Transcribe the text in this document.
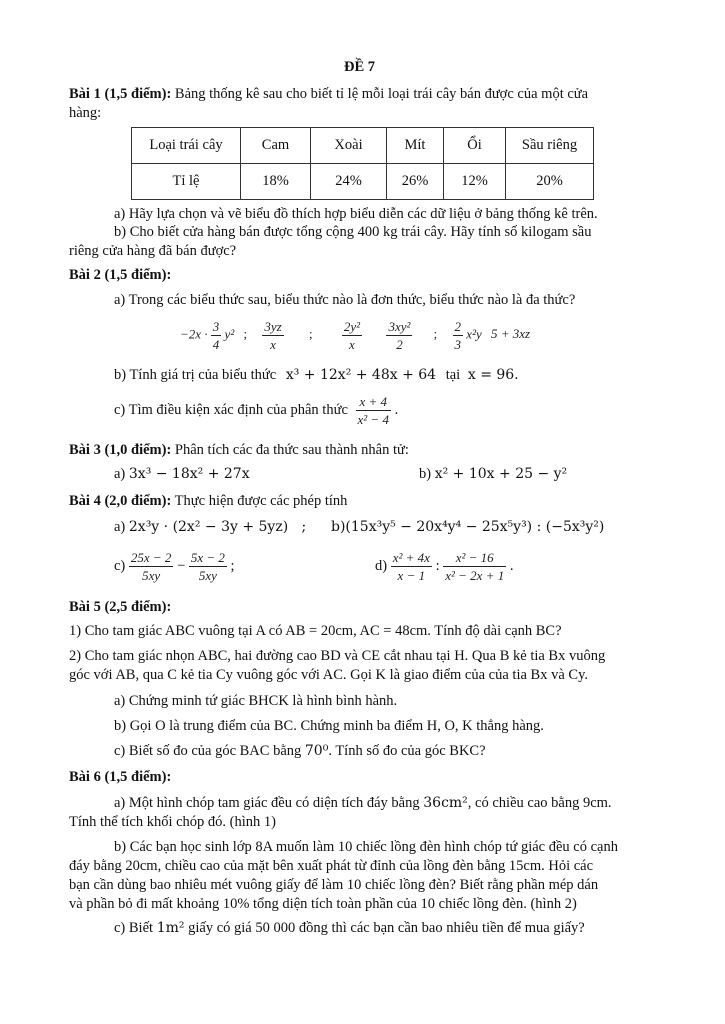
ĐỀ 7
Bài 1 (1,5 điểm): Bảng thống kê sau cho biết tỉ lệ mỗi loại trái cây bán được của một cửa
hàng:
Loại trái cây	Cam	Xoài	Mít	Ổi	Sầu riêng
Tỉ lệ	18%	24%	26%	12%	20%
a) Hãy lựa chọn và vẽ biểu đồ thích hợp biểu diễn các dữ liệu ở bảng thống kê trên.
b) Cho biết cửa hàng bán được tổng cộng 400 kg trái cây. Hãy tính số kilogam sầu
riêng cửa hàng đã bán được?
Bài 2 (1,5 điểm):
a) Trong các biểu thức sau, biểu thức nào là đơn thức, biểu thức nào là đa thức?
$-2x \cdot \frac{3}{4} y^2$ ; $\frac{3yz}{x}$ ; $\frac{\text{2y²}}{x}$
$\frac{\text{3xy²}}{2}$ ; $\frac{2}{3} x^2y$ 5 + 3xz
b) Tính giá trị của biểu thức x³ + 12x² + 48x + 64 tại x = 96.
c) Tìm điều kiện xác định của phân thức $\frac{x + 4}{\text{x² − 4}}$ .
Bài 3 (1,0 điểm): Phân tích các đa thức sau thành nhân tử:
a) 3x³ − 18x² + 27x	b) x² + 10x + 25 − y²
Bài 4 (2,0 điểm): Thực hiện được các phép tính
a) 2x³y · (2x² − 3y + 5yz)   ; b)(15x³y⁵ − 20x⁴y⁴ − 25x⁵y³) : (−5x³y²)
$c) \frac{25x - 2}{5xy} - \frac{5x - 2}{5xy}$ ;	$d) \frac{\text{x² + 4x}}{x - 1}$ : $\frac{\text{x² − 16}}{\text{x² − 2x + 1}}$ .
Bài 5 (2,5 điểm):
1) Cho tam giác ABC vuông tại A có AB = 20cm, AC = 48cm. Tính độ dài cạnh BC?
2) Cho tam giác nhọn ABC, hai đường cao BD và CE cắt nhau tại H. Qua B kẻ tia Bx vuông
góc với AB, qua C kẻ tia Cy vuông góc với AC. Gọi K là giao điểm của của tia Bx và Cy.
a) Chứng minh tứ giác BHCK là hình bình hành.
b) Gọi O là trung điểm của BC. Chứng minh ba điểm H, O, K thẳng hàng.
c) Biết số đo của góc BAC bằng 70⁰. Tính số đo của góc BKC?
Bài 6 (1,5 điểm):
a) Một hình chóp tam giác đều có diện tích đáy bằng 36cm², có chiều cao bằng 9cm.
Tính thể tích khối chóp đó. (hình 1)
b) Các bạn học sinh lớp 8A muốn làm 10 chiếc lồng đèn hình chóp tứ giác đều có cạnh
đáy bằng 20cm, chiều cao của mặt bên xuất phát từ đỉnh của lồng đèn bằng 15cm. Hỏi các
bạn cần dùng bao nhiêu mét vuông giấy để làm 10 chiếc lồng đèn? Biết rằng phần mép dán
và phần bỏ đi mất khoảng 10% tổng diện tích toàn phần của 10 chiếc lồng đèn. (hình 2)
c) Biết 1m² giấy có giá 50 000 đồng thì các bạn cần bao nhiêu tiền để mua giấy?
